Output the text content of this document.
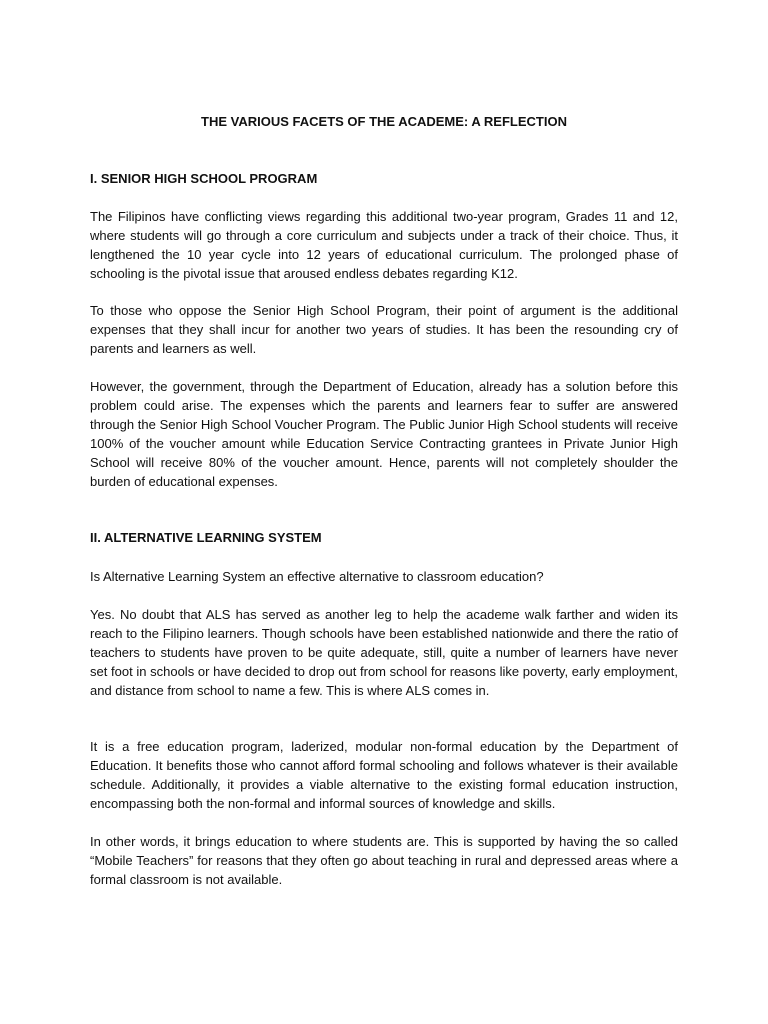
THE VARIOUS FACETS OF THE ACADEME: A REFLECTION
I. SENIOR HIGH SCHOOL PROGRAM

The Filipinos have conflicting views regarding this additional two-year program, Grades 11 and 12, where students will go through a core curriculum and subjects under a track of their choice. Thus, it lengthened the 10 year cycle into 12 years of educational curriculum. The prolonged phase of schooling is the pivotal issue that aroused endless debates regarding K12.

To those who oppose the Senior High School Program, their point of argument is the additional expenses that they shall incur for another two years of studies. It has been the resounding cry of parents and learners as well.

However, the government, through the Department of Education, already has a solution before this problem could arise. The expenses which the parents and learners fear to suffer are answered through the Senior High School Voucher Program. The Public Junior High School students will receive 100% of the voucher amount while Education Service Contracting grantees in Private Junior High School will receive 80% of the voucher amount. Hence, parents will not completely shoulder the burden of educational expenses.

II. ALTERNATIVE LEARNING SYSTEM

Is Alternative Learning System an effective alternative to classroom education?

Yes. No doubt that ALS has served as another leg to help the academe walk farther and widen its reach to the Filipino learners. Though schools have been established nationwide and there the ratio of teachers to students have proven to be quite adequate, still, quite a number of learners have never set foot in schools or have decided to drop out from school for reasons like poverty, early employment, and distance from school to name a few. This is where ALS comes in.

It is a free education program, laderized, modular non-formal education by the Department of Education. It benefits those who cannot afford formal schooling and follows whatever is their available schedule. Additionally, it provides a viable alternative to the existing formal education instruction, encompassing both the non-formal and informal sources of knowledge and skills.

In other words, it brings education to where students are. This is supported by having the so called “Mobile Teachers” for reasons that they often go about teaching in rural and depressed areas where a formal classroom is not available.
